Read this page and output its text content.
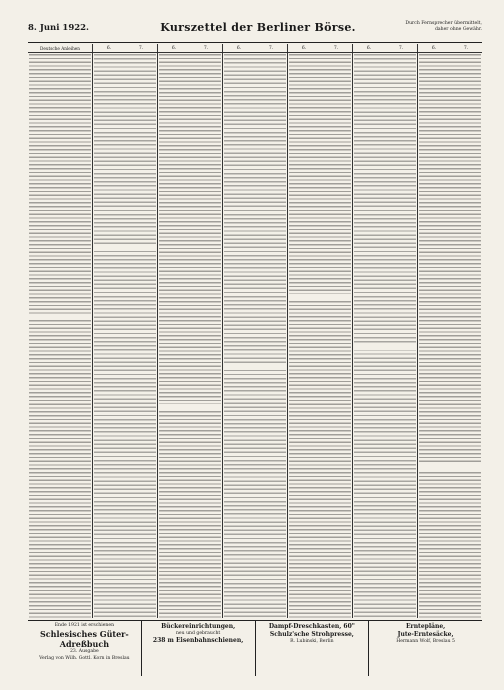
8. Juni 1922.	Kurszettel der Berliner Börse.	Durch Fernsprecher übermittelt, daher ohne Gewähr.
Deutsche Anleihen	6.	7.	6.	7.	6.	7.	6.	7.	6.	7.	6.	7.
Ende 1921 ist erschienen
Schlesisches Güter-Adreßbuch
23. Ausgabe
Verlag von Wilh. Gottl. Korn in Breslau
Bückereinrichtungen,
neu und gebraucht
238 m Eisenbahnschienen,
Dampf-Dreschkasten, 60"
Schulz'sche Strohpresse,
R. Lubinski, Berlin
Erntepläne,
Jute-Erntesäcke,
Hermann Wolf, Breslau 5
